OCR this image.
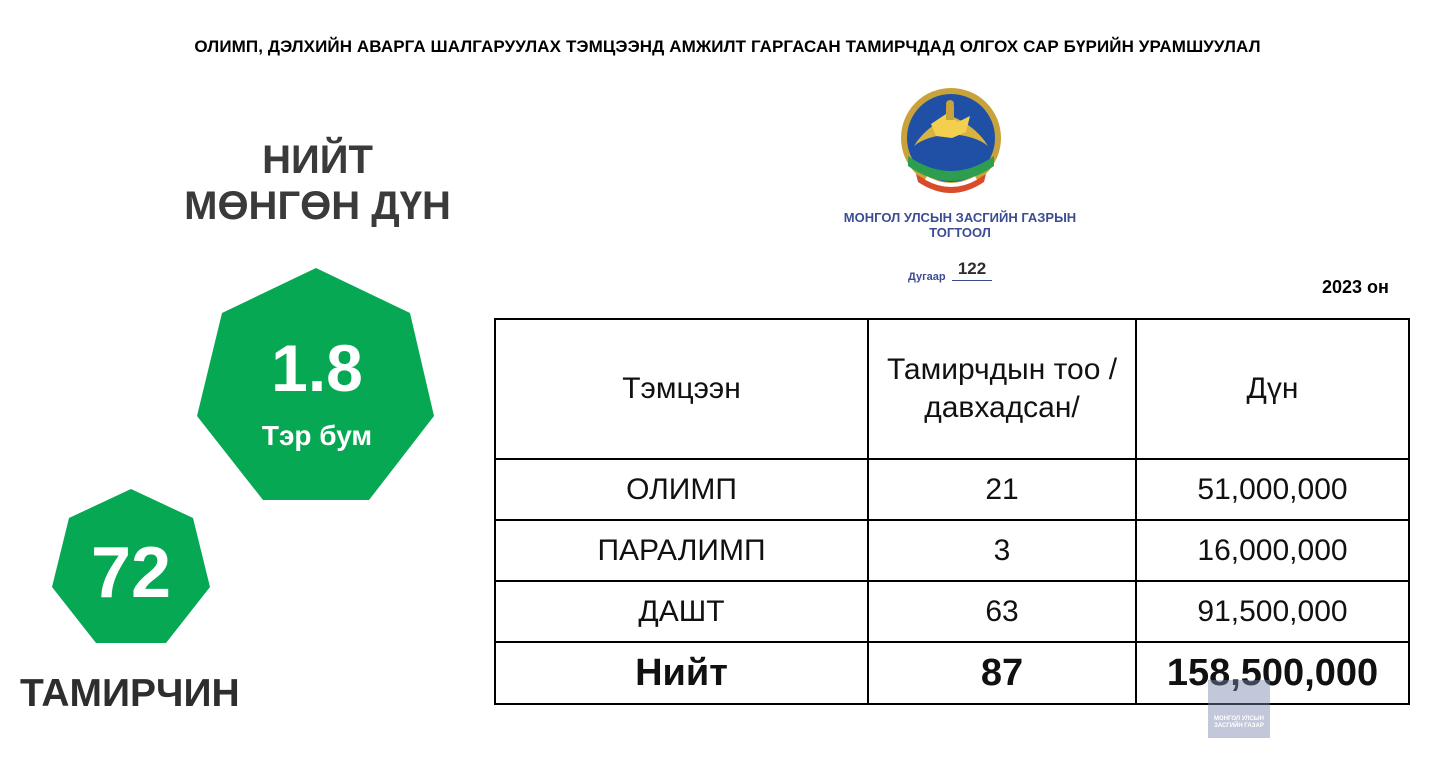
ОЛИМП, ДЭЛХИЙН АВАРГА ШАЛГАРУУЛАХ ТЭМЦЭЭНД АМЖИЛТ ГАРГАСАН ТАМИРЧДАД ОЛГОХ САР БҮРИЙН УРАМШУУЛАЛ
НИЙТ
МӨНГӨН ДҮН
1.8
Тэр бум
72
ТАМИРЧИН
МОНГОЛ УЛСЫН ЗАСГИЙН ГАЗРЫН
ТОГТООЛ
Дугаар 122
2023 он
Тэмцээн	Тамирчдын тоо /давхадсан/	Дүн
ОЛИМП	21	51,000,000
ПАРАЛИМП	3	16,000,000
ДАШТ	63	91,500,000
Нийт	87	158,500,000
МОНГОЛ УЛСЫН
ЗАСГИЙН ГАЗАР
